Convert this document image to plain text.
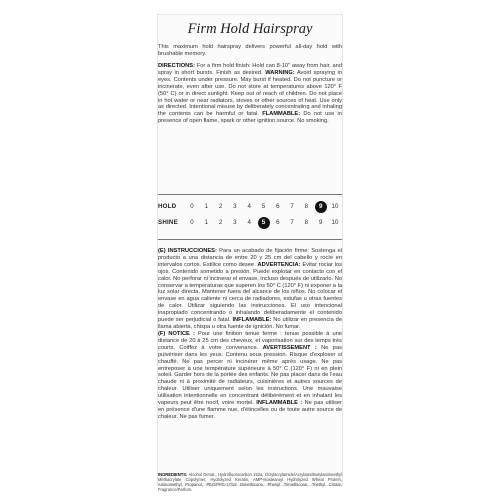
Firm Hold Hairspray
This maximum hold hairspray delivers powerful all-day hold with brushable memory.
DIRECTIONS: For a firm hold finish: Hold can 8-10" away from hair, and spray in short bursts. Finish as desired. WARNING: Avoid spraying in eyes. Contents under pressure. May burst if heated. Do not puncture or incinerate, even after use. Do not store at temperatures above 120° F (50° C) or in direct sunlight. Keep out of reach of children. Do not place in hot water or near radiators, stoves or other sources of heat. Use only as directed. Intentional misuse by deliberately concentrating and inhaling the contents can be harmful or fatal. FLAMMABLE: Do not use in presence of open flame, spark or other ignition source. No smoking.
HOLD	0	1	2	3	4	5	6	7	8	9	10
SHINE	0	1	2	3	4	5	6	7	8	9	10
(E) INSTRUCCIONES: Para un acabado de fijación firme: Sostenga el producto a una distancia de entre 20 y 25 cm del cabello y rocíe en intervalos cortos. Estilice como desee. ADVERTENCIA: Evitar rociar los ojos. Contenido sometido a presión. Puede explotar en contacto con el calor. No perforar ni incinerar el envase, incluso después de utilizarlo. No conservar a temperaturas que superen los 50° C (120° F) ni exponer a la luz solar directa. Mantener fuera del alcance de los niños. No colocar el envase en agua caliente ni cerca de radiadores, estufas u otras fuentes de calor. Utilizar siguiendo las instrucciones. El uso intencional inapropiado concentrando o inhalando deliberadamente el contenido puede ser perjudicial o fatal. INFLAMABLE: No utilizar en presencia de llama abierta, chispa u otra fuente de ignición. No fumar.
(F) NOTICE : Pour une finition tenue ferme : tenue possible à une distance de 20 à 25 cm des cheveux, et vaporisation sur des temps très courts. Coiffez à votre convenance. AVERTISSEMENT : Ne pas pulvériser dans les yeux. Contenu sous pression. Risque d'exploser si chauffé. Ne pas percer ni incinérer même après usage. Ne pas entreposer à une température supérieure à 50° C (120° F) ni en plein soleil. Garder hors de la portée des enfants. Ne pas placer dans de l'eau chaude ni à proximité de radiateurs, cuisinières et autres sources de chaleur. Utiliser uniquement selon les instructions. Une mauvaise utilisation intentionnelle en concentrant délibérément et en inhalant les vapeurs peut être nocif, voire mortel. INFLAMMABLE : Ne pas utiliser en présence d'une flamme nue, d'étincelles ou de toute autre source de chaleur. Ne pas fumer.
INGREDIENTS: Alcohol Denat., Hydrofluorocarbon 152a, Octylacrylamide/Acrylates/Butylaminoethyl Methacrylate Copolymer, Hydrolyzed Keratin, AMP-Isostearoyl Hydrolyzed Wheat Protein, Aminomethyl Propanol, PEG/PPG-17/18 Dimethicone, Phenyl Trimethicone, Triethyl Citrate, Fragrance/Parfum.
